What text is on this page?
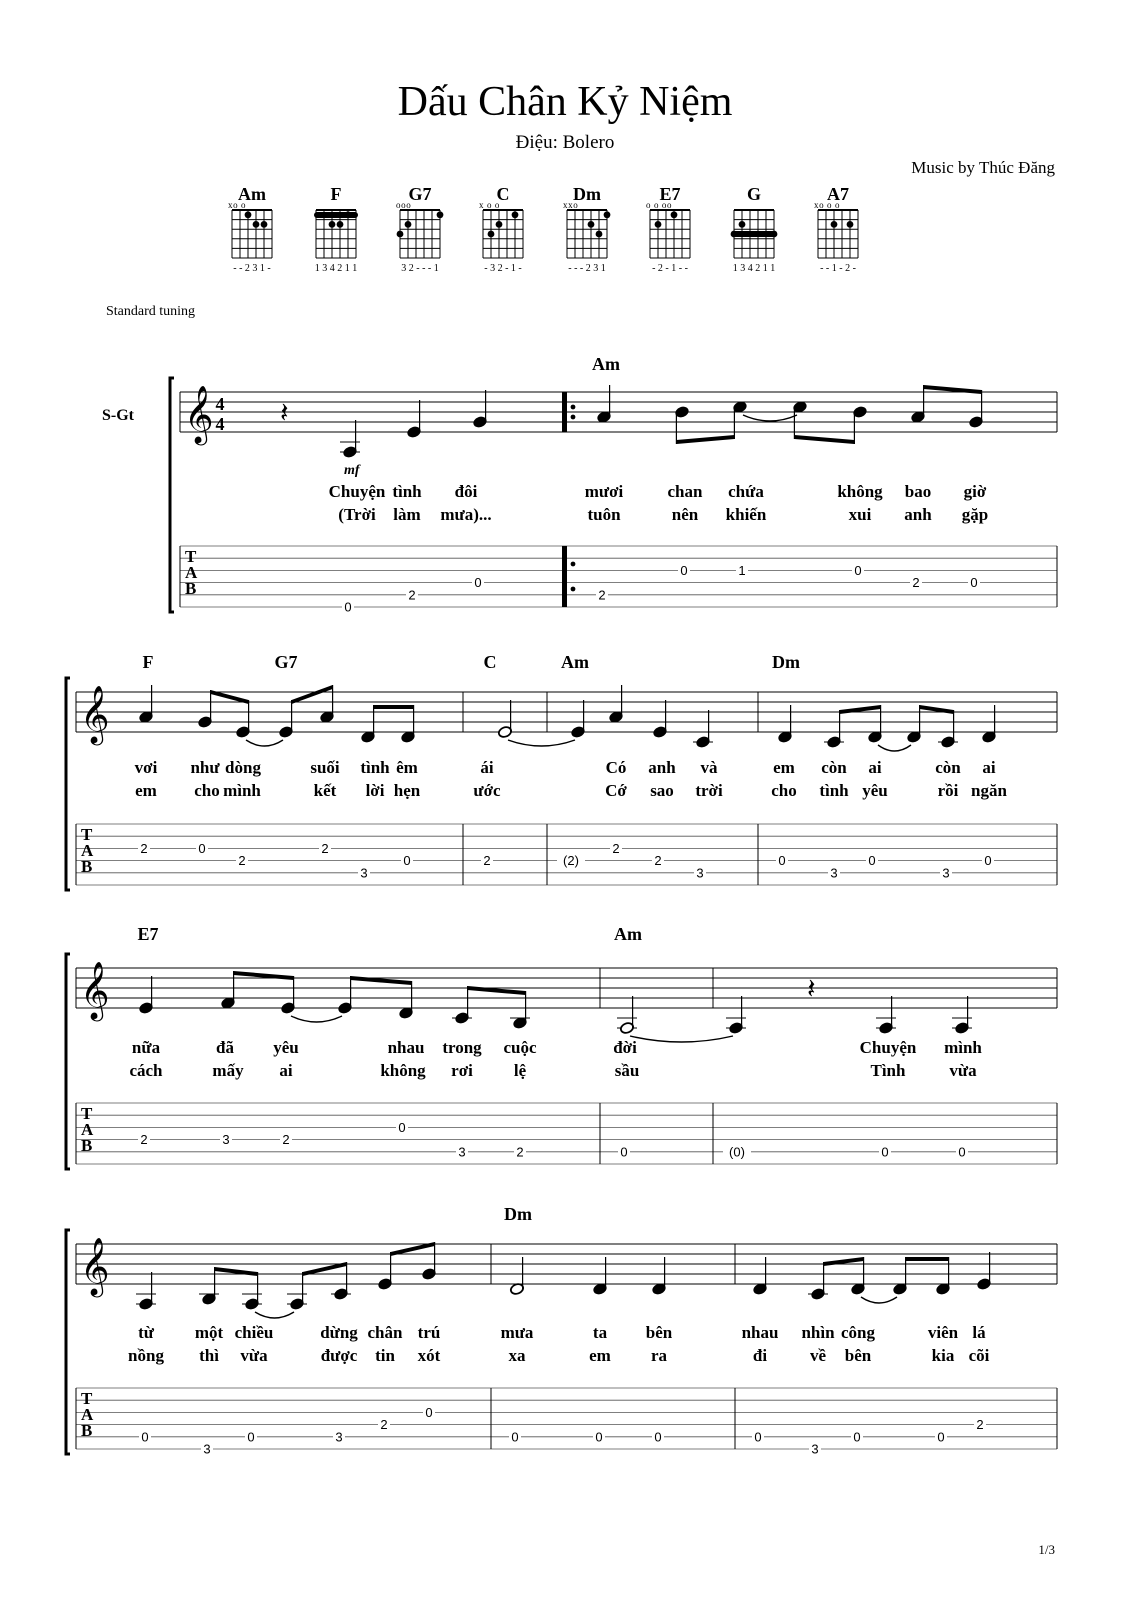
Dấu Chân Kỷ Niệm
Điệu: Bolero
Music by Thúc Đăng
Standard tuning
1/3
Am
- - 2 3 1 -
xo o
F
1 3 4 2 1 1
G7
3 2 - - - 1
ooo
C
- 3 2 - 1 -
x o o
Dm
- - - 2 3 1
xxo
E7
- 2 - 1 - -
o o oo
G
1 3 4 2 1 1
A7
- - 1 - 2 -
xo o o
S-Gt 𝄞
T
A
B
4
4
mf
Am
𝄽
Chuyện tình đôi	mươi	chan chứa	không bao giờ
(Trời làm mưa)...	tuôn	nên khiến	xui anh gặp
0
2
0
2
0	1	0
2	0
𝄞
T
A
B
F	G7	C	Am	Dm
vơi như dòng	suối tình êm	ái	Có anh và	em còn ai	còn ai
em cho mình	kết lời hẹn	ước	Cớ sao trời	cho tình yêu	rồi ngăn
2	0
2
2
3
0	2	(2)
2
2
3
0
3
0
3
0
𝄞
T
A
B
E7	Am
𝄽
nữa	đã yêu	nhau trong cuộc	đời	Chuyện mình
cách	mấy ai	không rơi lệ	sầu	Tình	vừa
2	3	2
0
3	2	0	(0)	0	0
𝄞
T
A
B
Dm
từ một chiều	dừng chân trú	mưa	ta bên	nhau nhìn công	viên lá
nồng thì vừa	được tin xót	xa	em ra	đi	về bên	kia cõi
0
3
0	3
2
0
0	0	0	0
3
0	0
2
